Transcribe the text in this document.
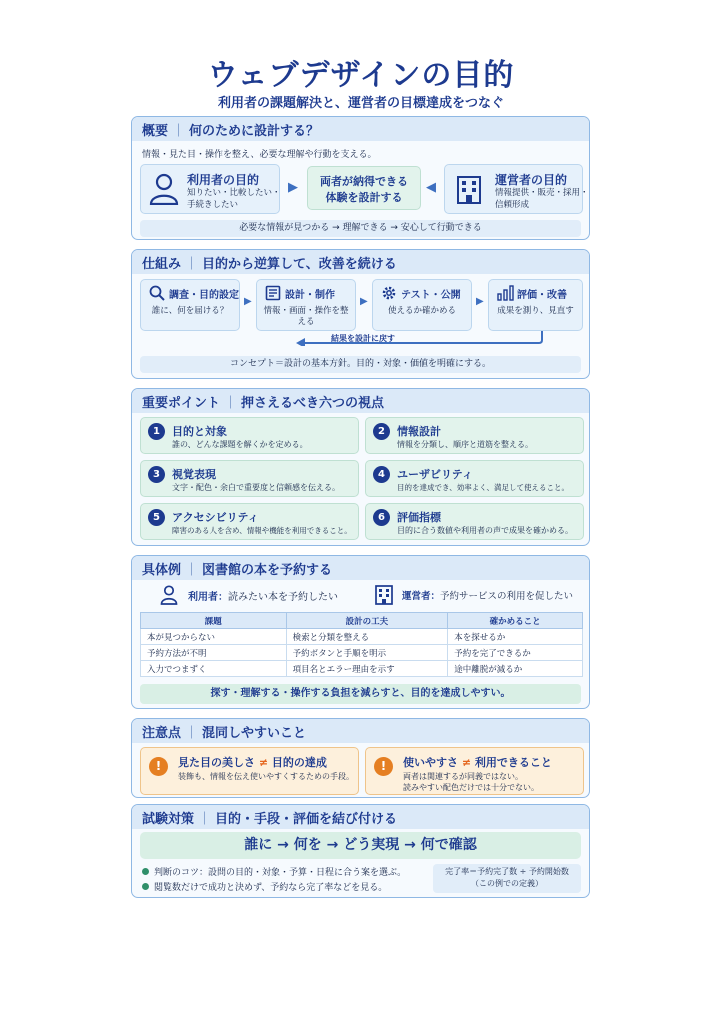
ウェブデザインの目的
利用者の課題解決と、運営者の目標達成をつなぐ
概要 ｜ 何のために設計する？
情報・見た目・操作を整え、必要な理解や行動を支える。
利用者の目的
知りたい・比較したい・
手続きしたい
▶	両者が納得できる
体験を設計する
◀	運営者の目的
情報提供・販売・採用・
信頼形成
必要な情報が見つかる → 理解できる → 安心して行動できる
仕組み ｜ 目的から逆算して、改善を続ける
調査・目的設定
誰に、何を届ける？
▶
設計・制作
情報・画面・操作を整える
▶
テスト・公開
使えるか確かめる
▶
評価・改善
成果を測り、見直す
結果を設計に戻す
コンセプト＝設計の基本方針。目的・対象・価値を明確にする。
重要ポイント ｜ 押さえるべき六つの視点
1	目的と対象
誰の、どんな課題を解くかを定める。
2	情報設計
情報を分類し、順序と道筋を整える。
3	視覚表現
文字・配色・余白で重要度と信頼感を伝える。
4	ユーザビリティ
目的を達成でき、効率よく、満足して使えること。
5	アクセシビリティ
障害のある人を含め、情報や機能を利用できること。
6	評価指標
目的に合う数値や利用者の声で成果を確かめる。
具体例 ｜ 図書館の本を予約する
利用者：読みたい本を予約したい	運営者：予約サービスの利用を促したい
課題	設計の工夫	確かめること
本が見つからない	検索と分類を整える	本を探せるか
予約方法が不明	予約ボタンと手順を明示	予約を完了できるか
入力でつまずく	項目名とエラー理由を示す	途中離脱が減るか
探す・理解する・操作する負担を減らすと、目的を達成しやすい。
注意点 ｜ 混同しやすいこと
!	見た目の美しさ ≠ 目的の達成
装飾も、情報を伝え使いやすくするための手段。
!	使いやすさ ≠ 利用できること
両者は関連するが同義ではない。
読みやすい配色だけでは十分でない。
試験対策 ｜ 目的・手段・評価を結び付ける
誰に → 何を → どう実現 → 何で確認
判断のコツ：設問の目的・対象・予算・日程に合う案を選ぶ。
閲覧数だけで成功と決めず、予約なら完了率などを見る。
完了率＝予約完了数 ÷ 予約開始数
（この例での定義）
